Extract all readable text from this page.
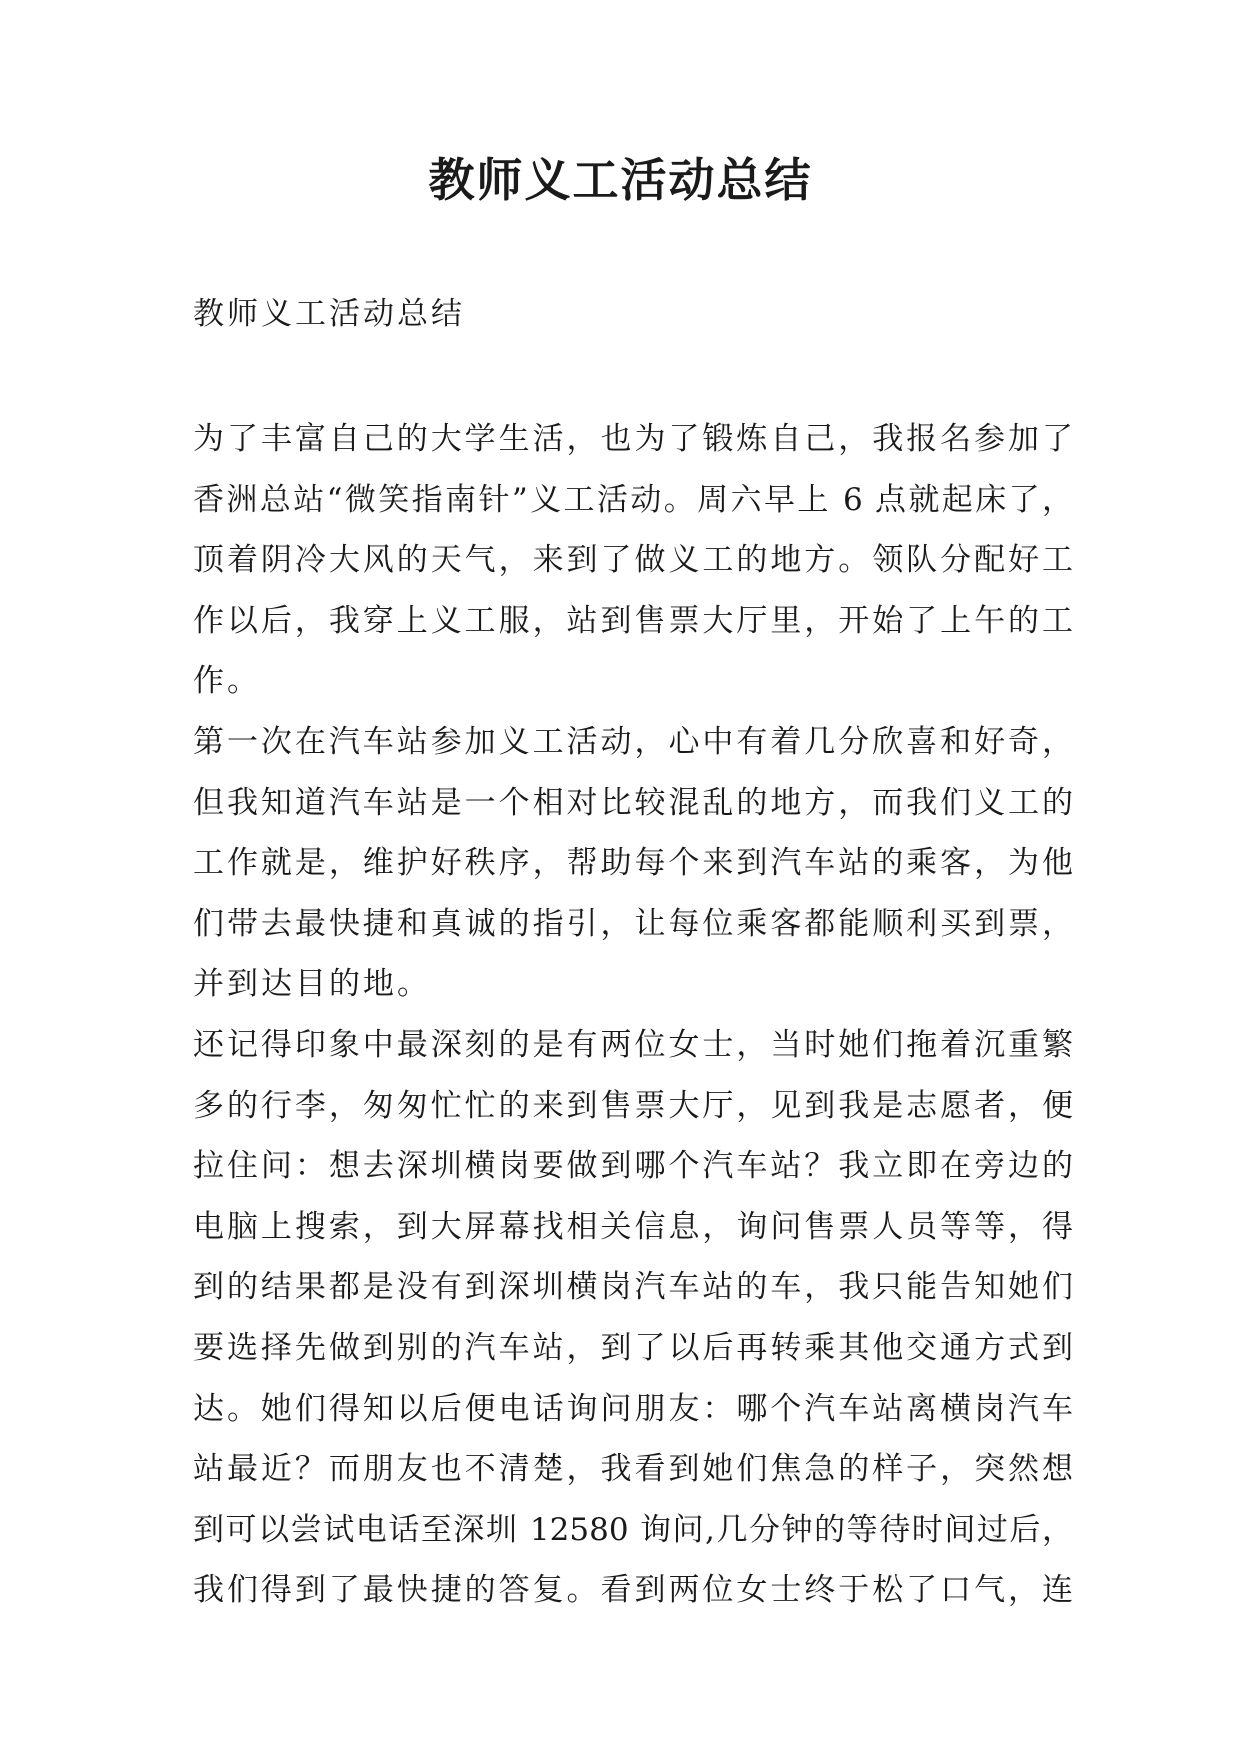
教师义工活动总结

教师义工活动总结

为了丰富自己的大学生活，也为了锻炼自己，我报名参加了
香洲总站“微笑指南针”义工活动。周六早上 6 点就起床了，
顶着阴冷大风的天气，来到了做义工的地方。领队分配好工
作以后，我穿上义工服，站到售票大厅里，开始了上午的工
作。
第一次在汽车站参加义工活动，心中有着几分欣喜和好奇，
但我知道汽车站是一个相对比较混乱的地方，而我们义工的
工作就是，维护好秩序，帮助每个来到汽车站的乘客，为他
们带去最快捷和真诚的指引，让每位乘客都能顺利买到票，
并到达目的地。
还记得印象中最深刻的是有两位女士，当时她们拖着沉重繁
多的行李，匆匆忙忙的来到售票大厅，见到我是志愿者，便
拉住问：想去深圳横岗要做到哪个汽车站？我立即在旁边的
电脑上搜索，到大屏幕找相关信息，询问售票人员等等，得
到的结果都是没有到深圳横岗汽车站的车，我只能告知她们
要选择先做到别的汽车站，到了以后再转乘其他交通方式到
达。她们得知以后便电话询问朋友：哪个汽车站离横岗汽车
站最近？而朋友也不清楚，我看到她们焦急的样子，突然想
到可以尝试电话至深圳 12580 询问,几分钟的等待时间过后，
我们得到了最快捷的答复。看到两位女士终于松了口气，连
